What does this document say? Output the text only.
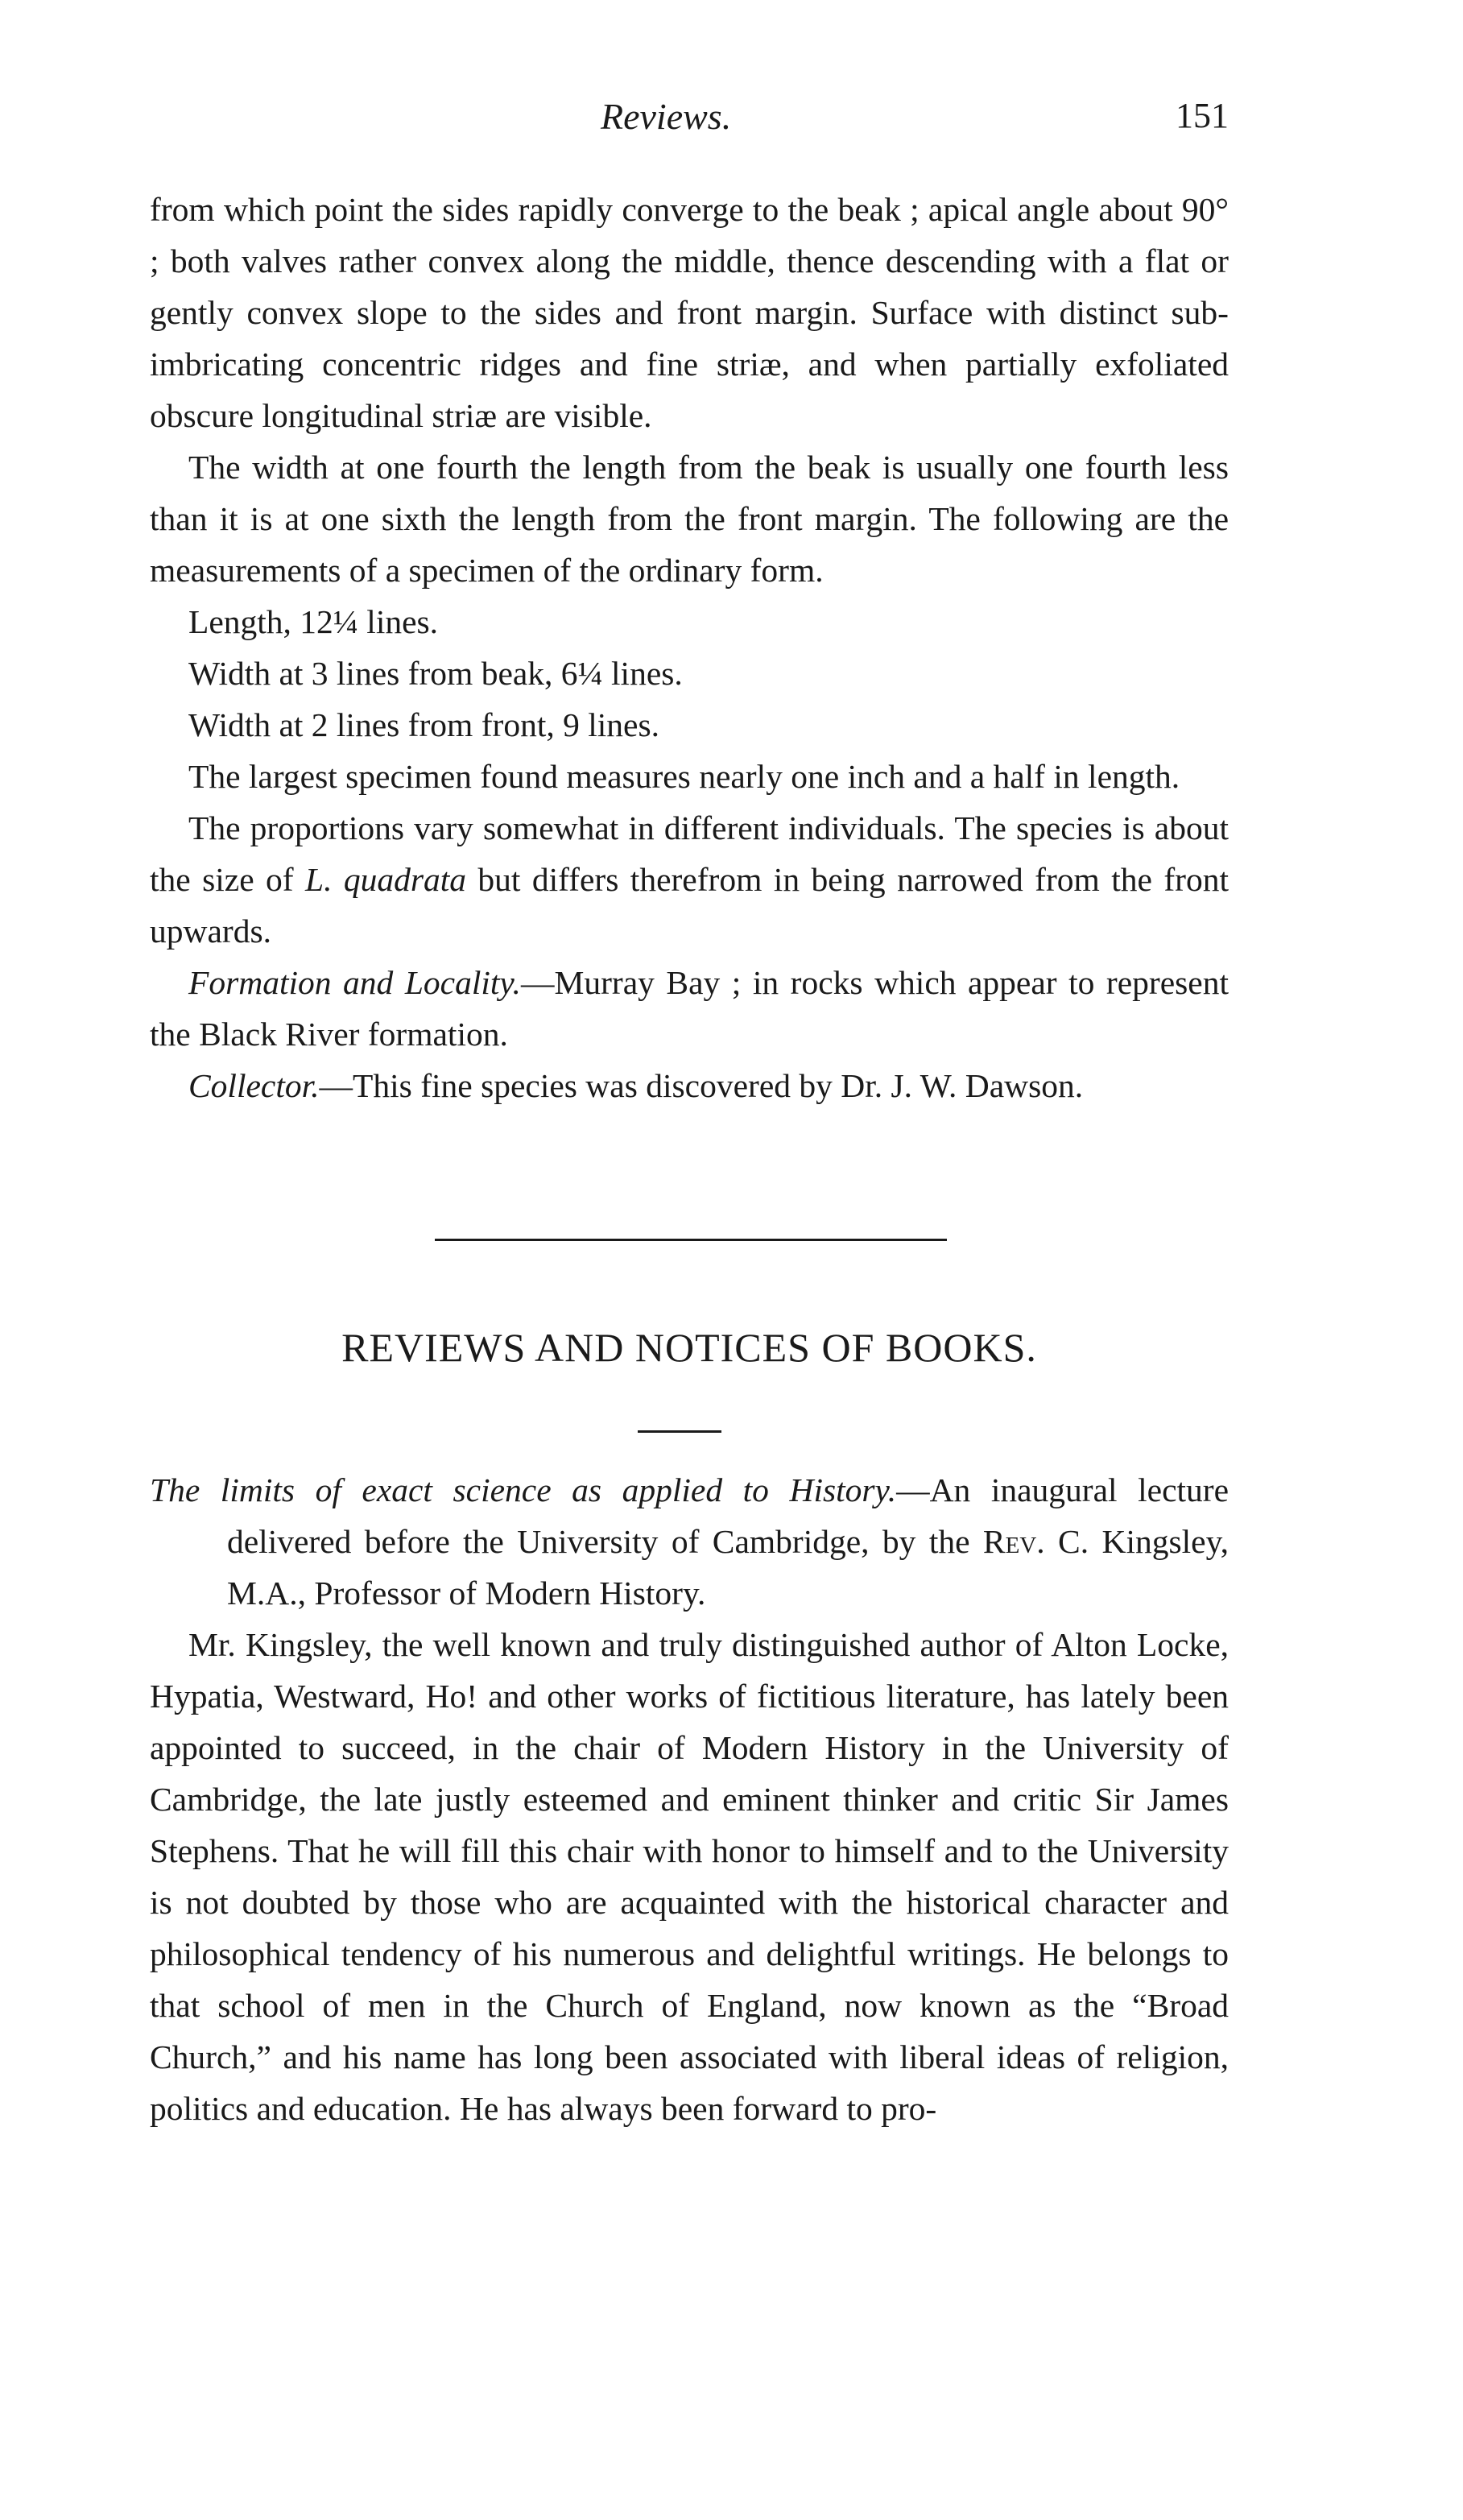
Reviews.	151

from which point the sides rapidly converge to the beak ; apical angle about 90° ; both valves rather convex along the middle, thence descending with a flat or gently convex slope to the sides and front margin. Surface with distinct sub-imbricating concentric ridges and fine striæ, and when partially exfoliated obscure longitudinal striæ are visible.

The width at one fourth the length from the beak is usually one fourth less than it is at one sixth the length from the front margin. The following are the measurements of a specimen of the ordinary form.

Length, 12¼ lines.

Width at 3 lines from beak, 6¼ lines.

Width at 2 lines from front, 9 lines.

The largest specimen found measures nearly one inch and a half in length.

The proportions vary somewhat in different individuals. The species is about the size of L. quadrata but differs therefrom in being narrowed from the front upwards.

Formation and Locality.—Murray Bay ; in rocks which appear to represent the Black River formation.

Collector.—This fine species was discovered by Dr. J. W. Dawson.

REVIEWS AND NOTICES OF BOOKS.

The limits of exact science as applied to History.—An inaugural lecture delivered before the University of Cambridge, by the Rev. C. Kingsley, M.A., Professor of Modern History.

Mr. Kingsley, the well known and truly distinguished author of Alton Locke, Hypatia, Westward, Ho! and other works of fictitious literature, has lately been appointed to succeed, in the chair of Modern History in the University of Cambridge, the late justly esteemed and eminent thinker and critic Sir James Stephens. That he will fill this chair with honor to himself and to the University is not doubted by those who are acquainted with the historical character and philosophical tendency of his numerous and delightful writings. He belongs to that school of men in the Church of England, now known as the “Broad Church,” and his name has long been associated with liberal ideas of religion, politics and education. He has always been forward to pro-
